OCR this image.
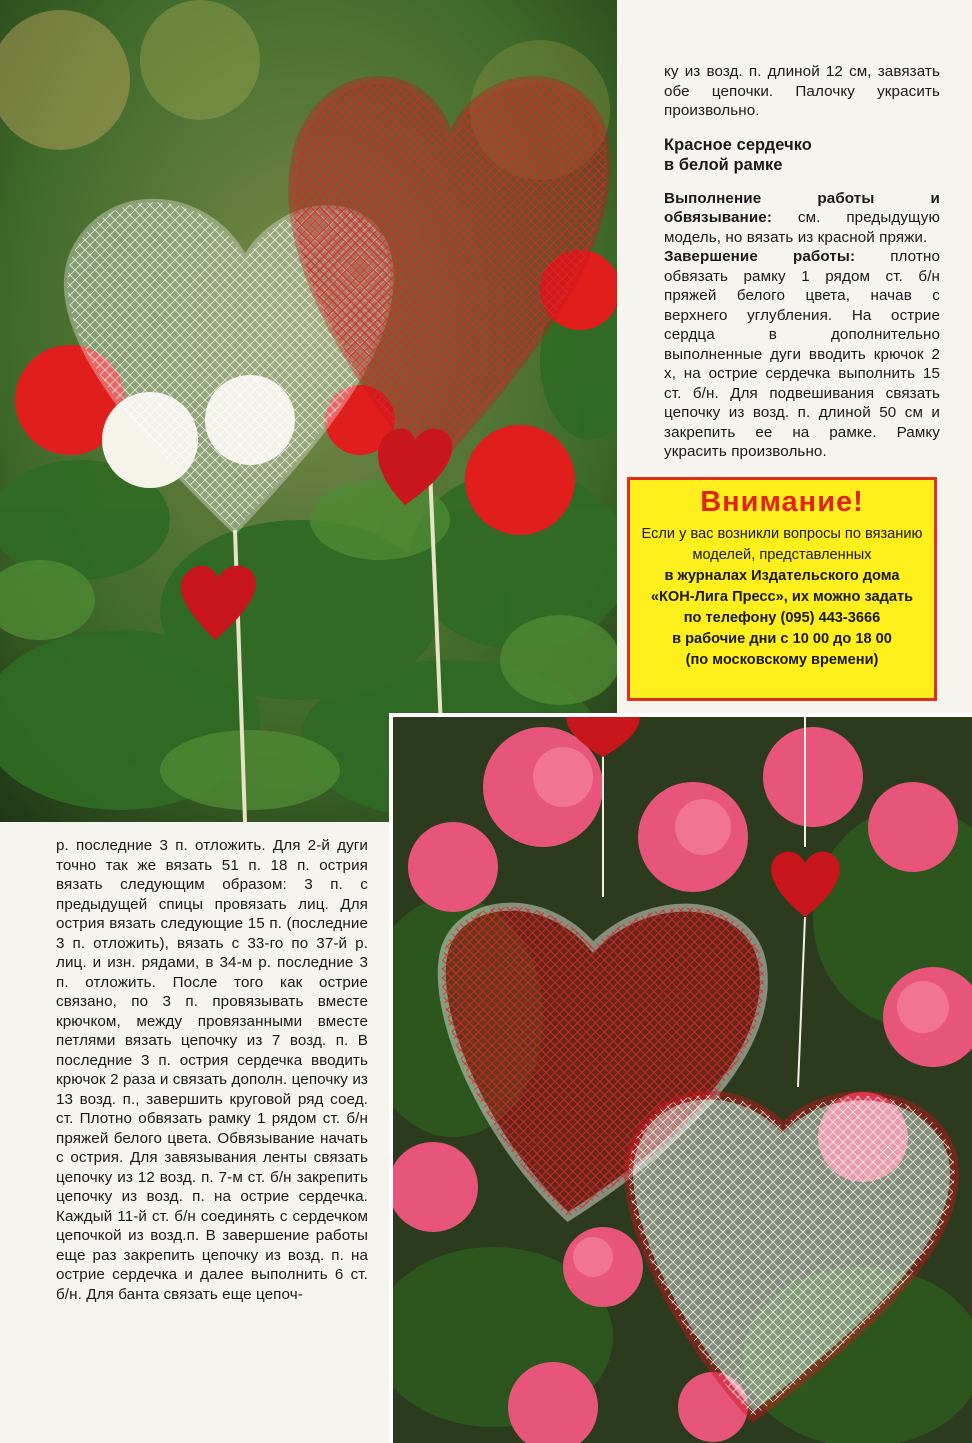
ку из возд. п. длиной 12 см, завязать обе цепочки. Палочку украсить произвольно.

Красное сердечко
в белой рамке

Выполнение работы и обвязывание: см. предыдущую модель, но вязать из красной пряжи.

Завершение работы: плотно обвязать рамку 1 рядом ст. б/н пряжей белого цвета, начав с верхнего углубления. На острие сердца в дополнительно выполненные дуги вводить крючок 2 х, на острие сердечка выполнить 15 ст. б/н. Для подвешивания связать цепочку из возд. п. длиной 50 см и закрепить ее на рамке. Рамку украсить произвольно.

Внимание!
Если у вас возникли вопросы по вязанию
моделей, представленных
в журналах Издательского дома
«КОН-Лига Пресс», их можно задать
по телефону (095) 443-3666
в рабочие дни с 10 00 до 18 00
(по московскому времени)

р. последние 3 п. отложить. Для 2-й дуги точно так же вязать 51 п. 18 п. острия вязать следующим образом: 3 п. с предыдущей спицы провязать лиц. Для острия вязать следующие 15 п. (последние 3 п. отложить), вязать с 33-го по 37-й р. лиц. и изн. рядами, в 34-м р. последние 3 п. отложить. После того как острие связано, по 3 п. провязывать вместе крючком, между провязанными вместе петлями вязать цепочку из 7 возд. п. В последние 3 п. острия сердечка вводить крючок 2 раза и связать дополн. цепочку из 13 возд. п., завершить круговой ряд соед. ст. Плотно обвязать рамку 1 рядом ст. б/н пряжей белого цвета. Обвязывание начать с острия. Для завязывания ленты связать цепочку из 12 возд. п. 7-м ст. б/н закрепить цепочку из возд. п. на острие сердечка. Каждый 11-й ст. б/н соединять с сердечком цепочкой из возд.п. В завершение работы еще раз закрепить цепочку из возд. п. на острие сердечка и далее выполнить 6 ст. б/н. Для банта связать еще цепоч-
